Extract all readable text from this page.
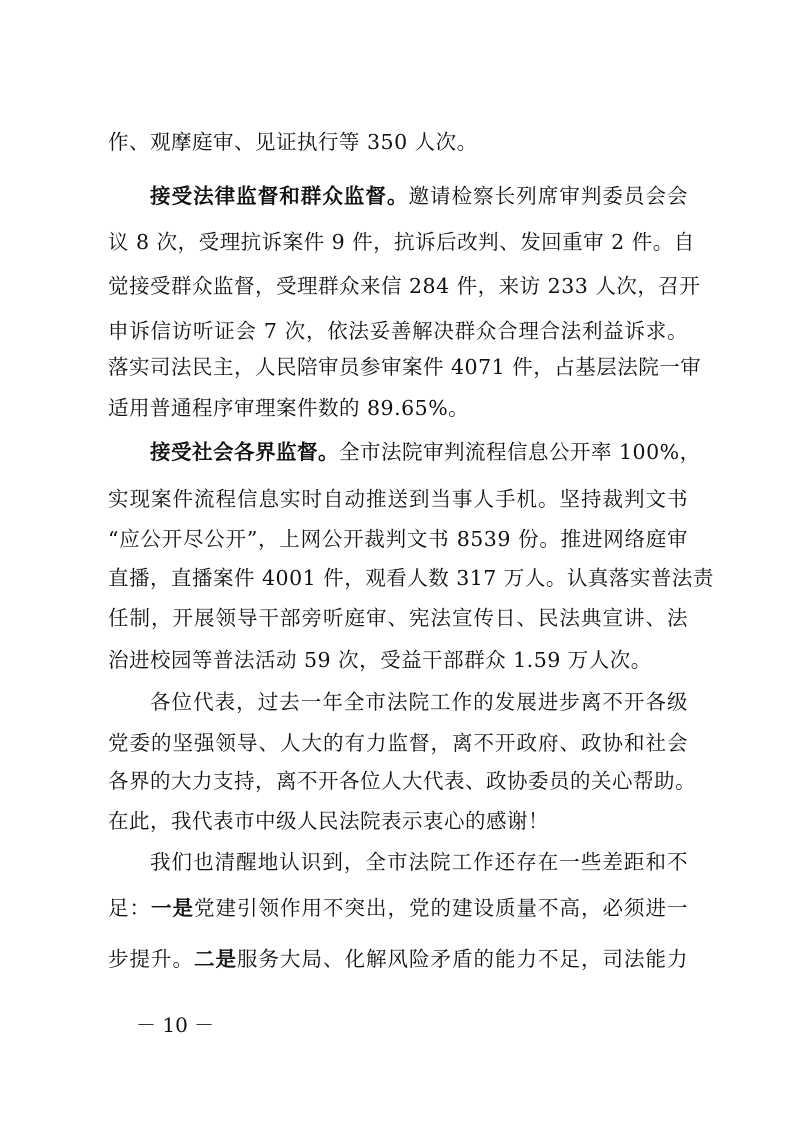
作、观摩庭审、见证执行等 350 人次。
接受法律监督和群众监督。邀请检察长列席审判委员会会
议 8 次，受理抗诉案件 9 件，抗诉后改判、发回重审 2 件。自
觉接受群众监督，受理群众来信 284 件，来访 233 人次，召开
申诉信访听证会 7 次，依法妥善解决群众合理合法利益诉求。
落实司法民主，人民陪审员参审案件 4071 件，占基层法院一审
适用普通程序审理案件数的 89.65%。
接受社会各界监督。全市法院审判流程信息公开率 100%，
实现案件流程信息实时自动推送到当事人手机。坚持裁判文书
“应公开尽公开”，上网公开裁判文书 8539 份。推进网络庭审
直播，直播案件 4001 件，观看人数 317 万人。认真落实普法责
任制，开展领导干部旁听庭审、宪法宣传日、民法典宣讲、法
治进校园等普法活动 59 次，受益干部群众 1.59 万人次。
各位代表，过去一年全市法院工作的发展进步离不开各级
党委的坚强领导、人大的有力监督，离不开政府、政协和社会
各界的大力支持，离不开各位人大代表、政协委员的关心帮助。
在此，我代表市中级人民法院表示衷心的感谢！
我们也清醒地认识到，全市法院工作还存在一些差距和不
足：一是党建引领作用不突出，党的建设质量不高，必须进一
步提升。二是服务大局、化解风险矛盾的能力不足，司法能力
－ 10 －
